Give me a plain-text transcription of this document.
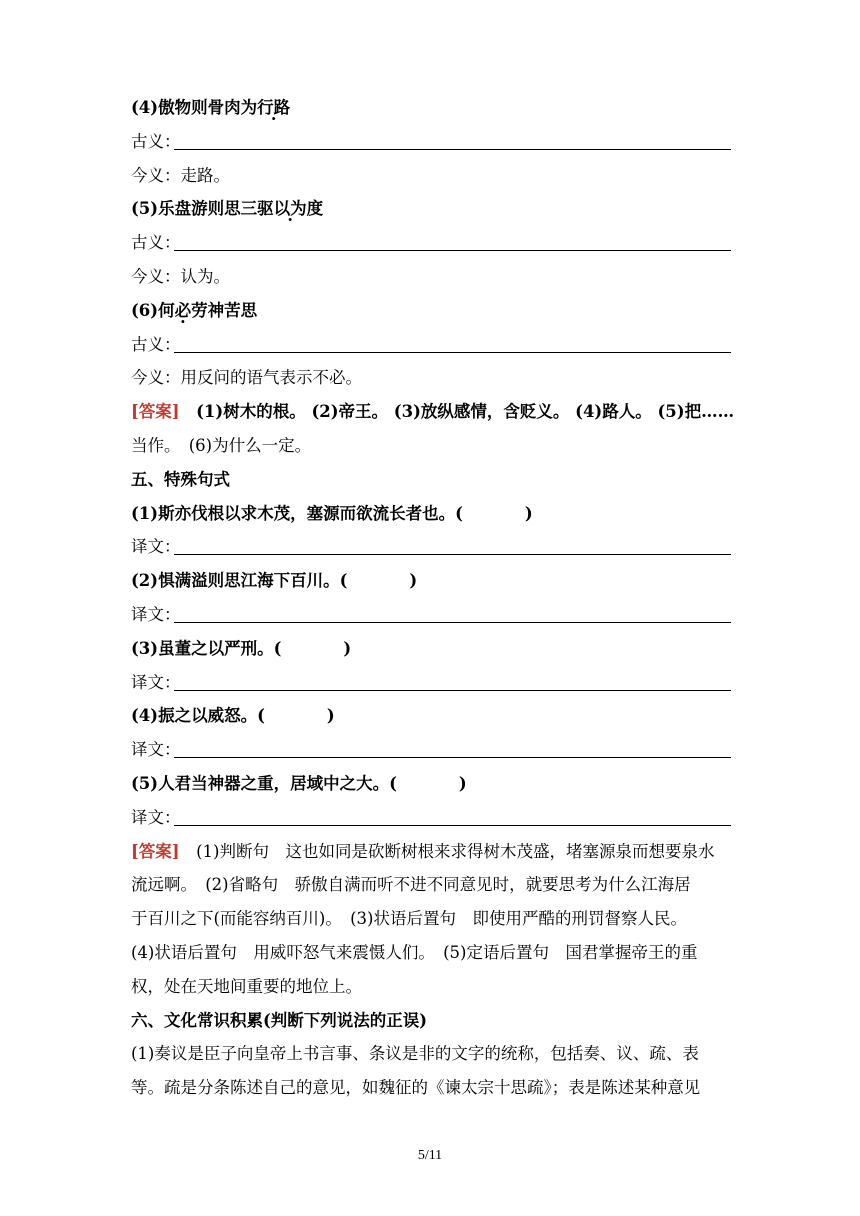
(4)傲物则骨肉为行路
古义：
今义：走路。
(5)乐盘游则思三驱以为度
古义：
今义：认为。
(6)何必劳神苦思
古义：
今义：用反问的语气表示不必。
[答案]　 (1)树木的根。 (2)帝王。 (3)放纵感情，含贬义。 (4)路人。 (5)把……
当作。　(6)为什么一定。
五、特殊句式
(1)斯亦伐根以求木茂，塞源而欲流长者也。(	)
译文：
(2)惧满溢则思江海下百川。(	)
译文：
(3)虽董之以严刑。(	)
译文：
(4)振之以威怒。(	)
译文：
(5)人君当神器之重，居域中之大。(	)
译文：
[答案]　 (1)判断句　这也如同是砍断树根来求得树木茂盛，堵塞源泉而想要泉水
流远啊。　(2)省略句　骄傲自满而听不进不同意见时，就要思考为什么江海居
于百川之下(而能容纳百川)。　(3)状语后置句　即使用严酷的刑罚督察人民。
(4)状语后置句　用威吓怒气来震慑人们。　(5)定语后置句　国君掌握帝王的重
权，处在天地间重要的地位上。
六、文化常识积累(判断下列说法的正误)
(1)奏议是臣子向皇帝上书言事、条议是非的文字的统称，包括奏、议、疏、表
等。疏是分条陈述自己的意见，如魏征的《谏太宗十思疏》；表是陈述某种意见
5/11
